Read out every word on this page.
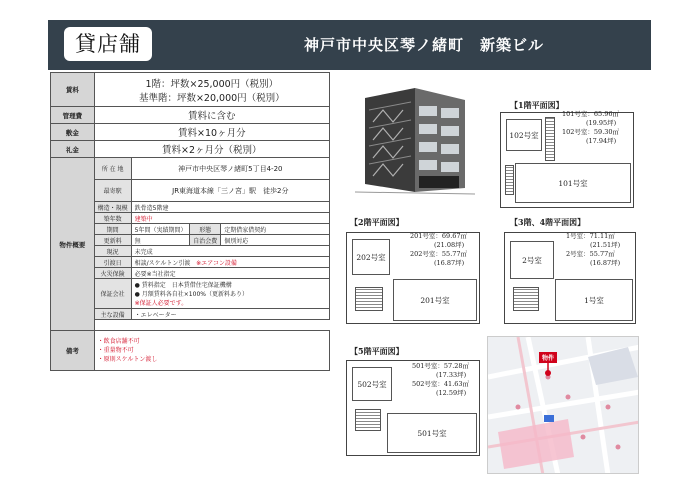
貸店舗	神戸市中央区琴ノ緒町　新築ビル
賃料	1階：坪数×25,000円（税別）
基準階：坪数×20,000円（税別）			

管理費	賃料に含む			
敷金	賃料×10ヶ月分			
礼金	賃料×2ヶ月分（税別）			
物件概要	所 在 地	神戸市中央区琴ノ緒町5丁目4-20		
	最寄駅	JR東海道本線「三ノ宮」駅　徒歩2分		
	構造・規模	鉄骨造5階建		
	築年数	建築中		
	期間	5年間（実績期間）	形態	定期借家借契約
	更新料	無	自治会費	個別対応
	現況	未完成		
	引渡日	相談/スケルトン引渡 ※エアコン設備		
	火災保険	必要※当社指定		
	保証会社	● 賃料指定　日本賃借住宅保証機構
● 月額賃料各自社×100%（更新料あり）
※保証人必要です。		

	主な設備	・エレベーター		

備考	・飲食店舗不可
・重量物不可
・原則スケルトン渡し			
【1階平面図】
102号室
101号室
101号室：65.96㎡
(19.95坪)
102号室：59.30㎡
(17.94坪)
【2階平面図】
202号室
201号室
201号室：69.67㎡
(21.08坪)
202号室：55.77㎡
(16.87坪)
【3階、4階平面図】
2号室
1号室
1号室：71.11㎡
(21.51坪)
2号室：55.77㎡
(16.87坪)
【5階平面図】
502号室
501号室
501号室：57.28㎡
(17.33坪)
502号室：41.63㎡
(12.59坪)
物件
